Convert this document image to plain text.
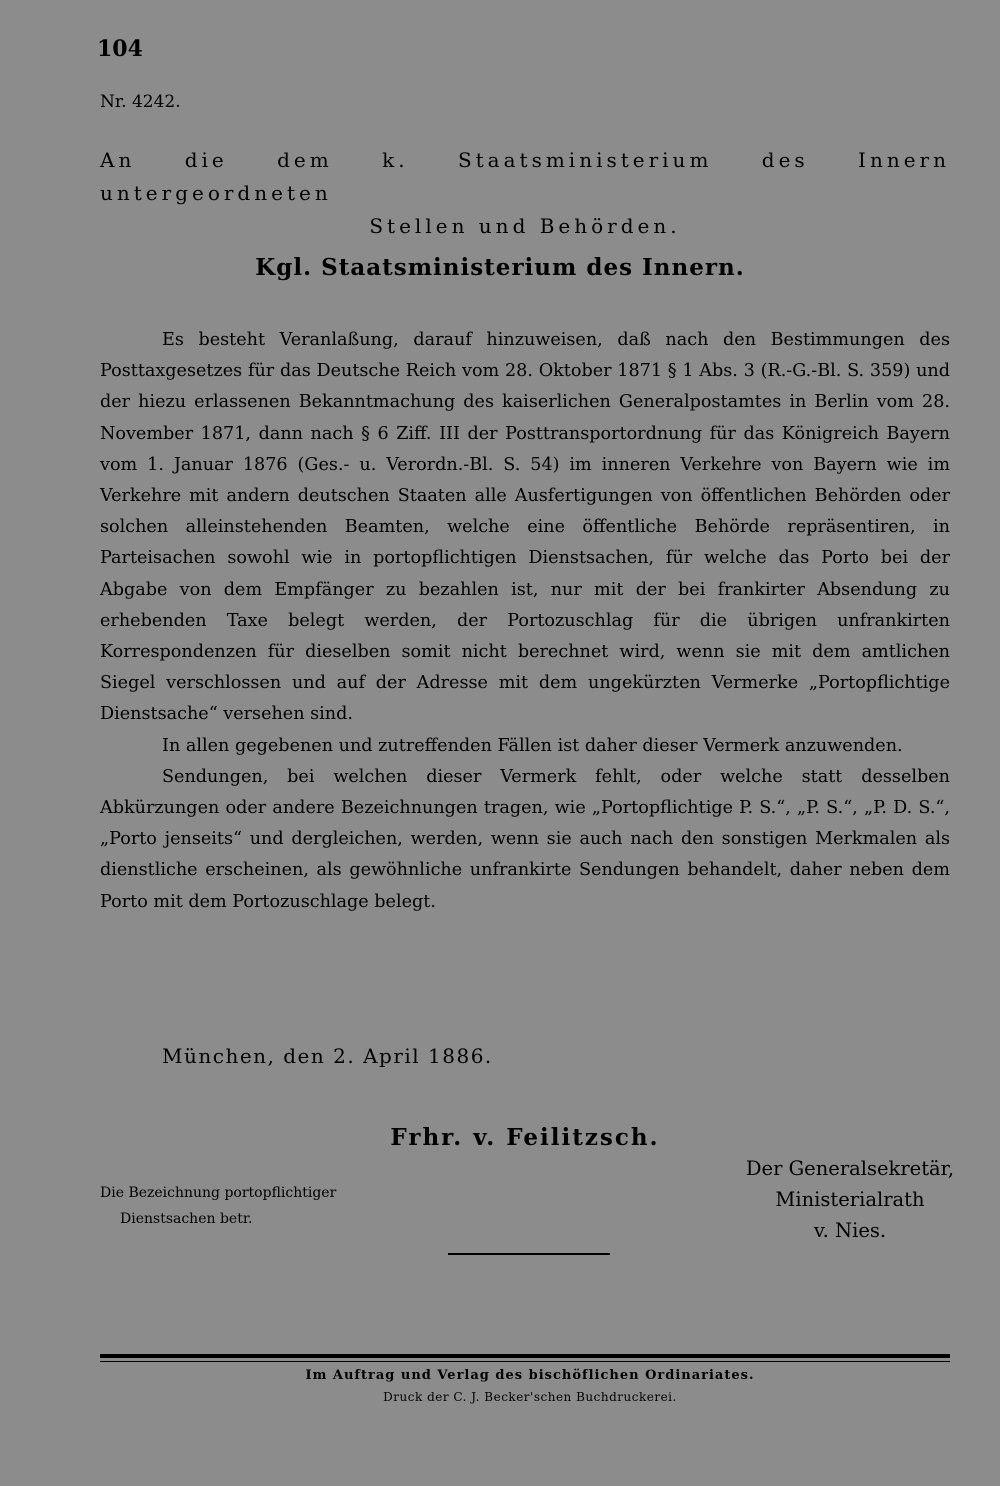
104
Nr. 4242.
An die dem k. Staatsministerium des Innern untergeordneten
Stellen und Behörden.
Kgl. Staatsministerium des Innern.

Es besteht Veranlaßung, darauf hinzuweisen, daß nach den Bestimmungen des Posttaxgesetzes für das Deutsche Reich vom 28. Oktober 1871 § 1 Abs. 3 (R.-G.-Bl. S. 359) und der hiezu erlassenen Bekanntmachung des kaiserlichen Generalpostamtes in Berlin vom 28. November 1871, dann nach § 6 Ziff. III der Posttransportordnung für das Königreich Bayern vom 1. Januar 1876 (Ges.- u. Verordn.-Bl. S. 54) im inneren Verkehre von Bayern wie im Verkehre mit andern deutschen Staaten alle Ausfertigungen von öffentlichen Behörden oder solchen alleinstehenden Beamten, welche eine öffentliche Behörde repräsentiren, in Parteisachen sowohl wie in portopflichtigen Dienstsachen, für welche das Porto bei der Abgabe von dem Empfänger zu bezahlen ist, nur mit der bei frankirter Absendung zu erhebenden Taxe belegt werden, der Portozuschlag für die übrigen unfrankirten Korrespondenzen für dieselben somit nicht berechnet wird, wenn sie mit dem amtlichen Siegel verschlossen und auf der Adresse mit dem ungekürzten Vermerke „Portopflichtige Dienstsache“ versehen sind.

In allen gegebenen und zutreffenden Fällen ist daher dieser Vermerk anzuwenden.

Sendungen, bei welchen dieser Vermerk fehlt, oder welche statt desselben Abkürzungen oder andere Bezeichnungen tragen, wie „Portopflichtige P. S.“, „P. S.“, „P. D. S.“, „Porto jenseits“ und dergleichen, werden, wenn sie auch nach den sonstigen Merkmalen als dienstliche erscheinen, als gewöhnliche unfrankirte Sendungen behandelt, daher neben dem Porto mit dem Portozuschlage belegt.

München, den 2. April 1886.
Frhr. v. Feilitzsch.
Die Bezeichnung portopflichtiger
Dienstsachen betr.
Der Generalsekretär,
Ministerialrath
v. Nies.
Im Auftrag und Verlag des bischöflichen Ordinariates.
Druck der C. J. Becker'schen Buchdruckerei.
